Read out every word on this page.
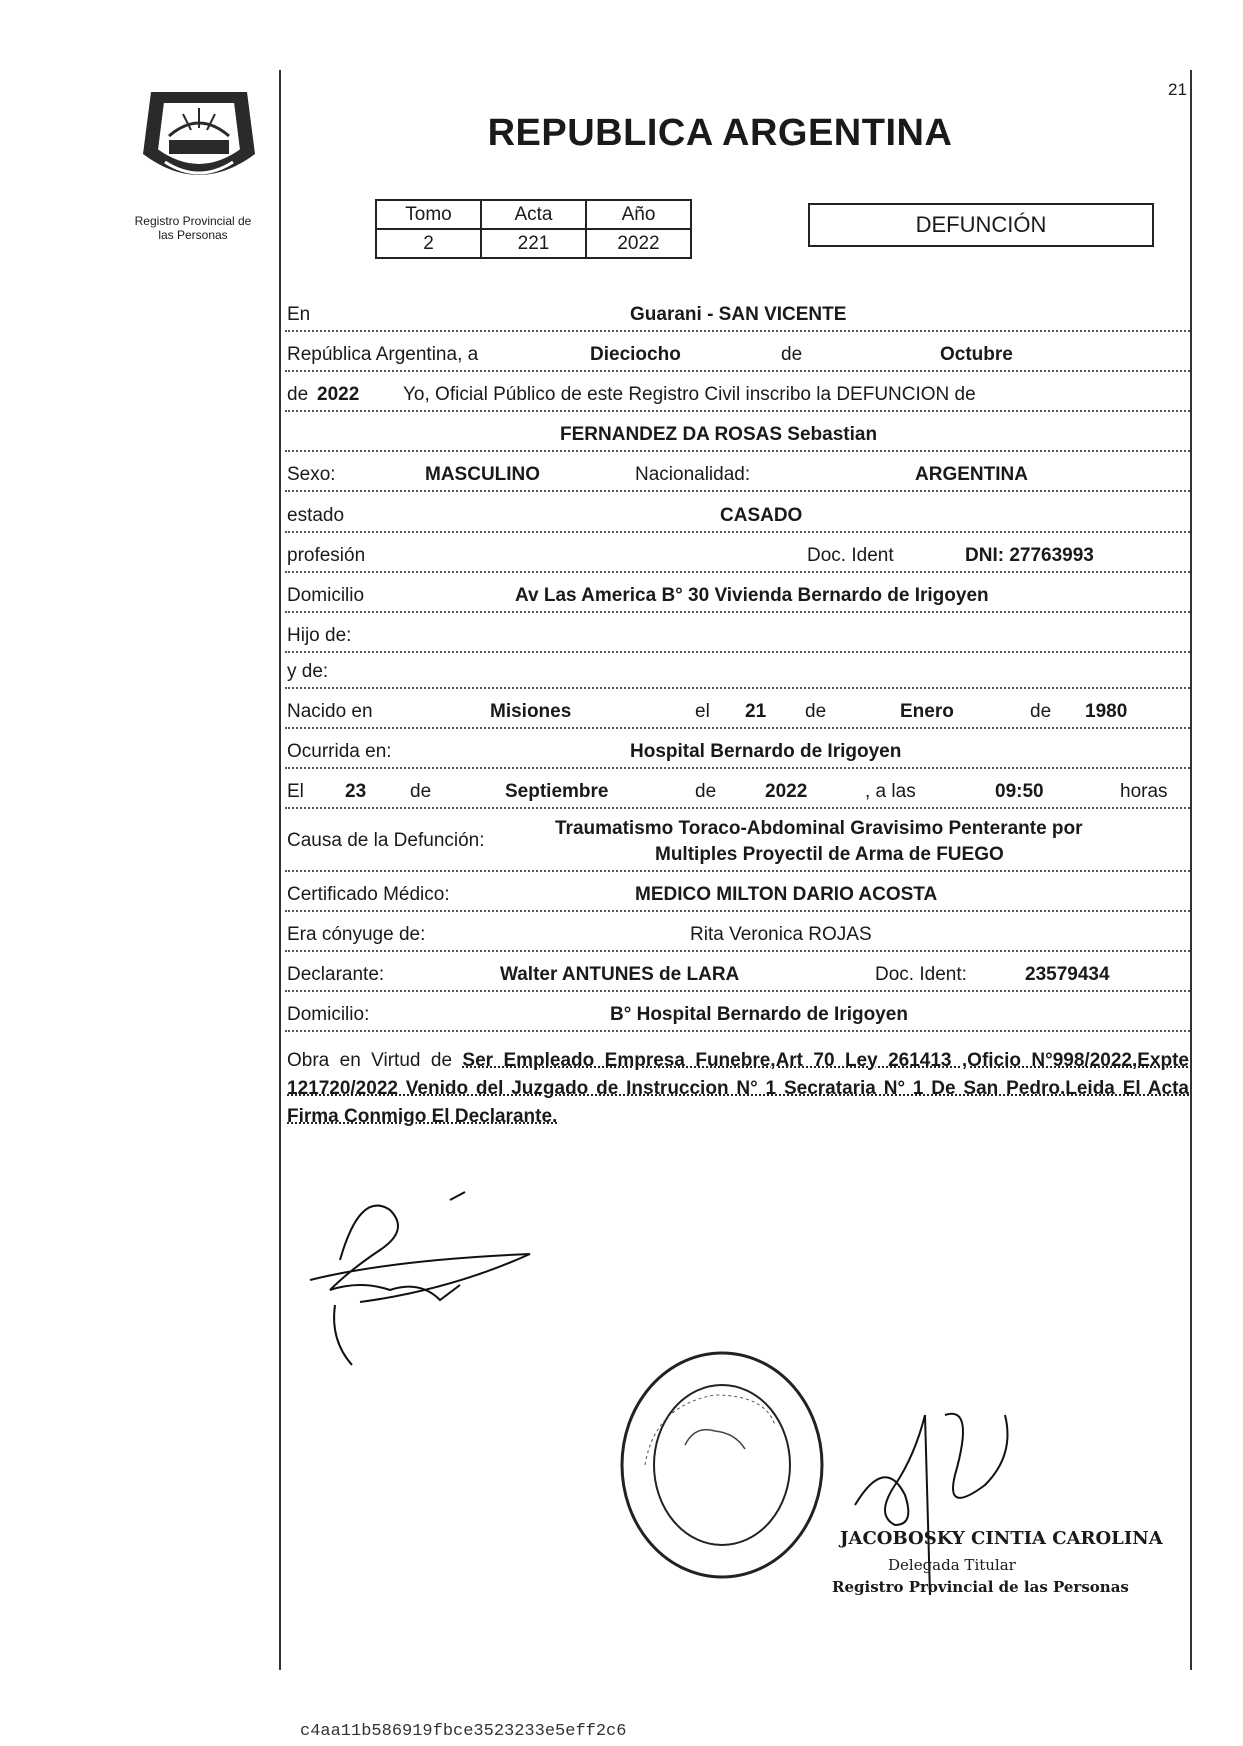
21
Registro Provincial de
las Personas
REPUBLICA ARGENTINA
Tomo	Acta	Año
2	221	2022
DEFUNCIÓN
En	Guarani - SAN VICENTE
República Argentina, a	Dieciocho	de	Octubre
de 2022 Yo, Oficial Público de este Registro Civil inscribo la DEFUNCION de
FERNANDEZ DA ROSAS Sebastian
Sexo:	MASCULINO	Nacionalidad:	ARGENTINA
estado	CASADO
profesión	Doc. Ident	DNI: 27763993
Domicilio	Av Las America B° 30 Vivienda Bernardo de Irigoyen
Hijo de:
y de:
Nacido en	Misiones	el 21 de	Enero	de 1980
Ocurrida en:	Hospital Bernardo de Irigoyen
El 23 de	Septiembre	de	2022	, a las	09:50	horas
Causa de la Defunción:
Traumatismo Toraco-Abdominal Gravisimo Penterante por
Multiples Proyectil de Arma de FUEGO
Certificado Médico:	MEDICO MILTON DARIO ACOSTA
Era cónyuge de:	Rita Veronica ROJAS
Declarante:	Walter ANTUNES de LARA	Doc. Ident:	23579434
Domicilio:	B° Hospital Bernardo de Irigoyen
Obra en Virtud de Ser Empleado Empresa Funebre,Art 70 Ley 261413 ,Oficio N°998/2022,Expte 121720/2022 Venido del Juzgado de Instruccion N° 1 Secrataria N° 1 De San Pedro.Leida El Acta Firma Conmigo El Declarante.
JACOBOSKY CINTIA CAROLINA
Delegada Titular
Registro Provincial de las Personas
c4aa11b586919fbce3523233e5eff2c6
